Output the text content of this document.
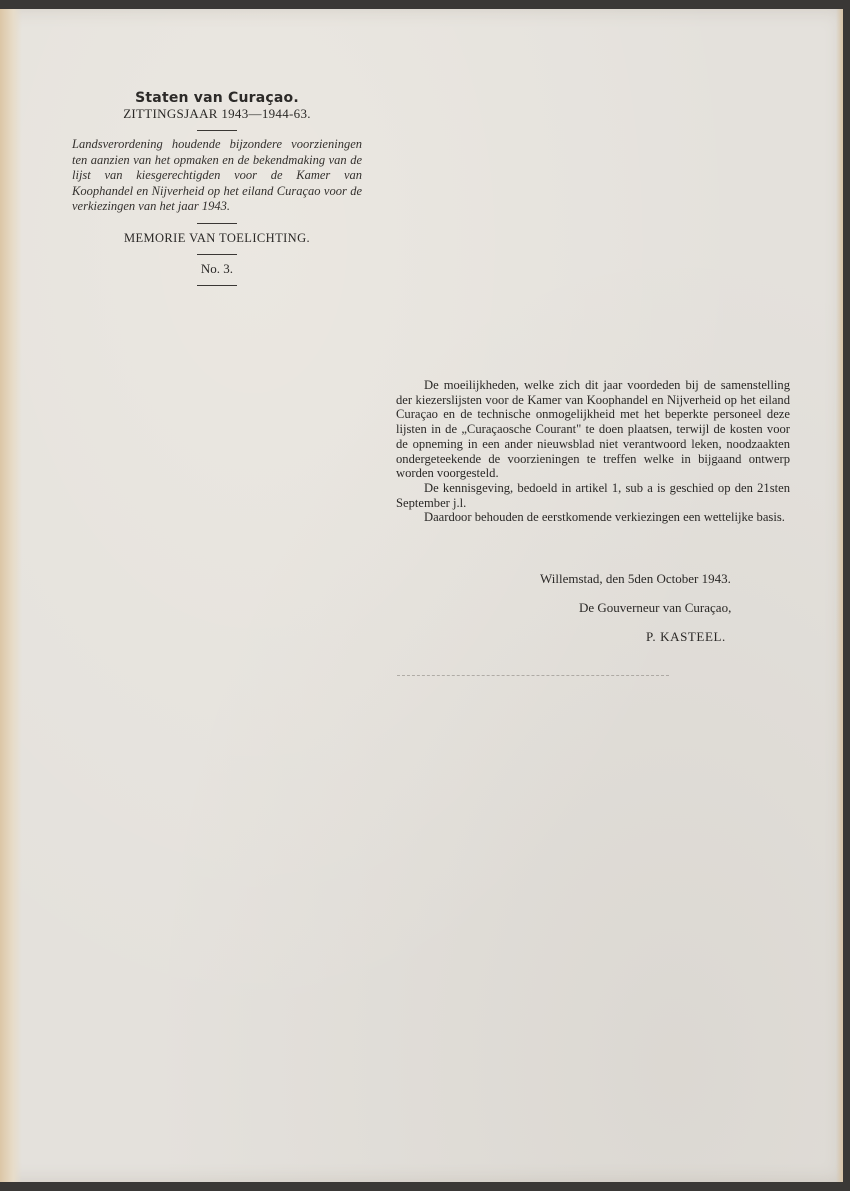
Staten van Curaçao.
ZITTINGSJAAR 1943—1944-63.
Landsverordening houdende bijzondere voorzieningen ten aanzien van het opmaken en de bekendmaking van de lijst van kiesgerechtigden voor de Kamer van Koophandel en Nijverheid op het eiland Curaçao voor de verkiezingen van het jaar 1943.
MEMORIE VAN TOELICHTING.
No. 3.

De moeilijkheden, welke zich dit jaar voordeden bij de samenstelling der kiezerslijsten voor de Kamer van Koophandel en Nijverheid op het eiland Curaçao en de technische onmogelijkheid met het beperkte personeel deze lijsten in de „Curaçaosche Courant" te doen plaatsen, terwijl de kosten voor de opneming in een ander nieuwsblad niet verantwoord leken, noodzaakten ondergeteekende de voorzieningen te treffen welke in bijgaand ontwerp worden voorgesteld.

De kennisgeving, bedoeld in artikel 1, sub a is geschied op den 21sten September j.l.

Daardoor behouden de eerstkomende verkiezingen een wettelijke basis.

Willemstad, den 5den October 1943.
De Gouverneur van Curaçao,
P. KASTEEL.
